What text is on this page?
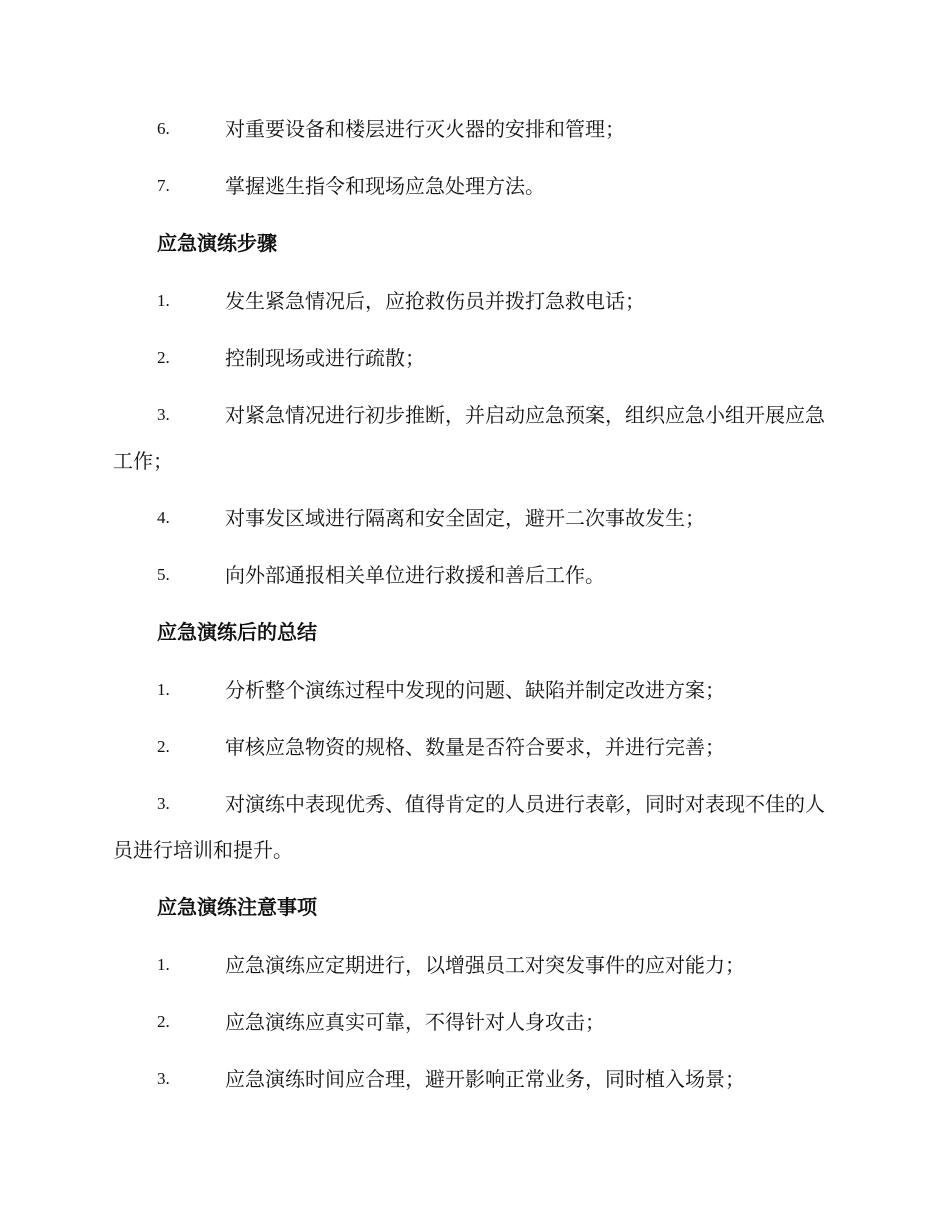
6.	对重要设备和楼层进行灭火器的安排和管理；

7.	掌握逃生指令和现场应急处理方法。

应急演练步骤

1.	发生紧急情况后，应抢救伤员并拨打急救电话；

2.	控制现场或进行疏散；

3.	对紧急情况进行初步推断，并启动应急预案，组织应急小组开展应急工作；

4.	对事发区域进行隔离和安全固定，避开二次事故发生；

5.	向外部通报相关单位进行救援和善后工作。

应急演练后的总结

1.	分析整个演练过程中发现的问题、缺陷并制定改进方案；

2.	审核应急物资的规格、数量是否符合要求，并进行完善；

3.	对演练中表现优秀、值得肯定的人员进行表彰，同时对表现不佳的人员进行培训和提升。

应急演练注意事项

1.	应急演练应定期进行，以增强员工对突发事件的应对能力；

2.	应急演练应真实可靠，不得针对人身攻击；

3.	应急演练时间应合理，避开影响正常业务，同时植入场景；
